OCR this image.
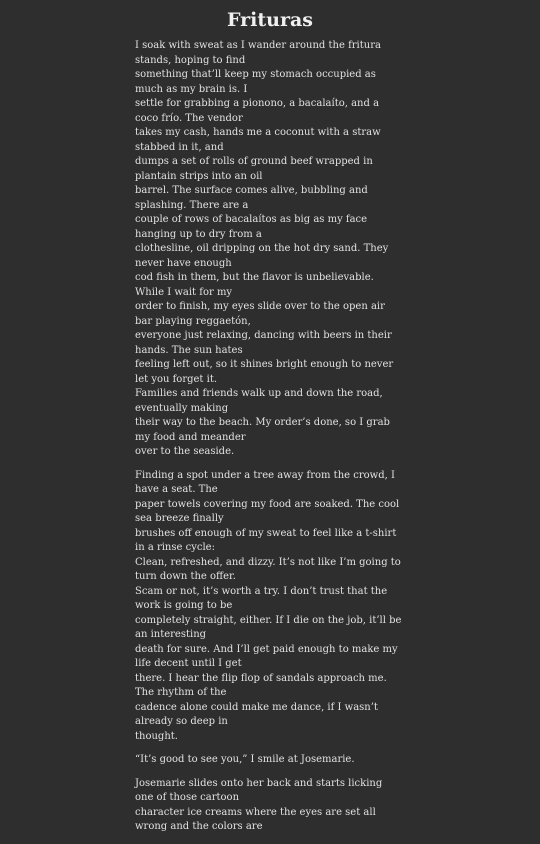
Frituras

I soak with sweat as I wander around the fritura stands, hoping to find
something that’ll keep my stomach occupied as much as my brain is. I
settle for grabbing a pionono, a bacalaíto, and a coco frío. The vendor
takes my cash, hands me a coconut with a straw stabbed in it, and
dumps a set of rolls of ground beef wrapped in plantain strips into an oil
barrel. The surface comes alive, bubbling and splashing. There are a
couple of rows of bacalaítos as big as my face hanging up to dry from a
clothesline, oil dripping on the hot dry sand. They never have enough
cod fish in them, but the flavor is unbelievable. While I wait for my
order to finish, my eyes slide over to the open air bar playing reggaetón,
everyone just relaxing, dancing with beers in their hands. The sun hates
feeling left out, so it shines bright enough to never let you forget it.
Families and friends walk up and down the road, eventually making
their way to the beach. My order’s done, so I grab my food and meander
over to the seaside.

Finding a spot under a tree away from the crowd, I have a seat. The
paper towels covering my food are soaked. The cool sea breeze finally
brushes off enough of my sweat to feel like a t-shirt in a rinse cycle:
Clean, refreshed, and dizzy. It’s not like I’m going to turn down the offer.
Scam or not, it’s worth a try. I don’t trust that the work is going to be
completely straight, either. If I die on the job, it’ll be an interesting
death for sure. And I’ll get paid enough to make my life decent until I get
there. I hear the flip flop of sandals approach me. The rhythm of the
cadence alone could make me dance, if I wasn’t already so deep in
thought.

“It’s good to see you,” I smile at Josemarie.

Josemarie slides onto her back and starts licking one of those cartoon
character ice creams where the eyes are set all wrong and the colors are
